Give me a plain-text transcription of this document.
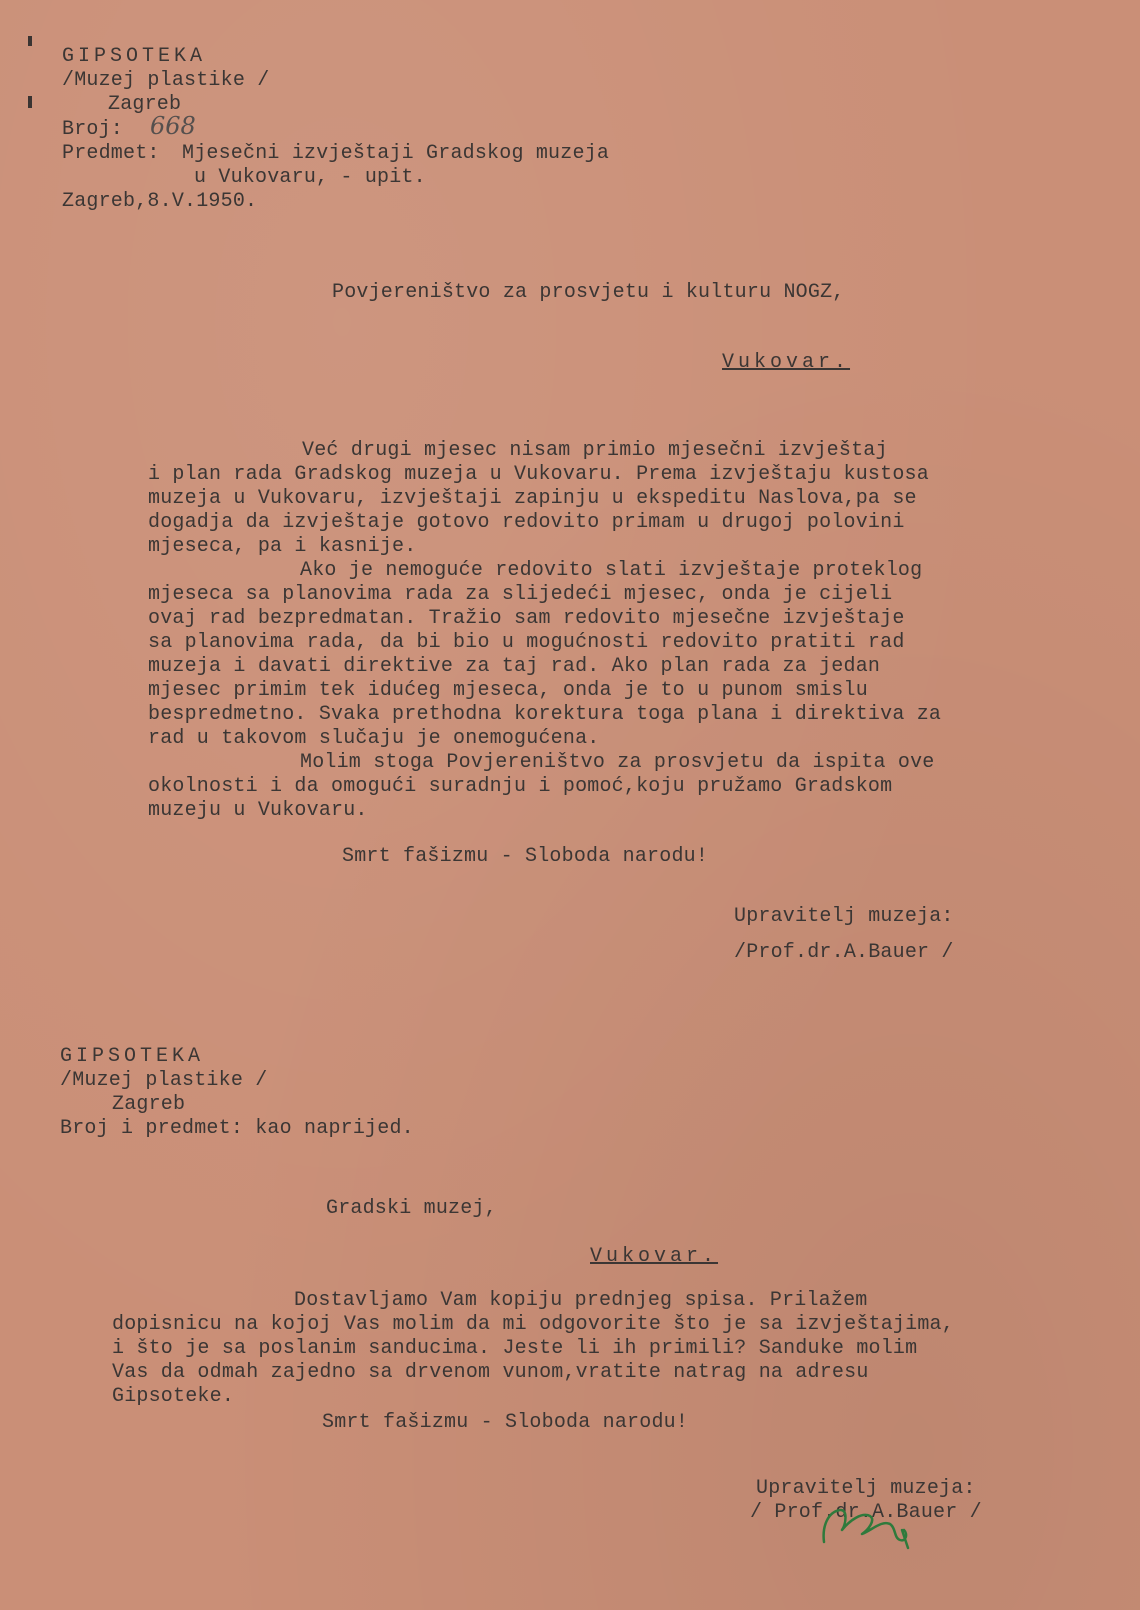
GIPSOTEKA
/Muzej plastike /
Zagreb
Broj: 668
Predmet: Mjesečni izvještaji Gradskog muzeja
u Vukovaru, - upit.
Zagreb,8.V.1950.
Povjereništvo za prosvjetu i kulturu NOGZ,
Vukovar.
Već drugi mjesec nisam primio mjesečni izvještaj
i plan rada Gradskog muzeja u Vukovaru. Prema izvještaju kustosa
muzeja u Vukovaru, izvještaji zapinju u ekspeditu Naslova,pa se
dogadja da izvještaje gotovo redovito primam u drugoj polovini
mjeseca, pa i kasnije.
Ako je nemoguće redovito slati izvještaje proteklog
mjeseca sa planovima rada za slijedeći mjesec, onda je cijeli
ovaj rad bezpredmatan. Tražio sam redovito mjesečne izvještaje
sa planovima rada, da bi bio u mogućnosti redovito pratiti rad
muzeja i davati direktive za taj rad. Ako plan rada za jedan
mjesec primim tek idućeg mjeseca, onda je to u punom smislu
bespredmetno. Svaka prethodna korektura toga plana i direktiva za
rad u takovom slučaju je onemogućena.
Molim stoga Povjereništvo za prosvjetu da ispita ove
okolnosti i da omogući suradnju i pomoć,koju pružamo Gradskom
muzeju u Vukovaru.
Smrt fašizmu - Sloboda narodu!
Upravitelj muzeja:
/Prof.dr.A.Bauer /
GIPSOTEKA
/Muzej plastike /
Zagreb
Broj i predmet: kao naprijed.
Gradski muzej,
Vukovar.
Dostavljamo Vam kopiju prednjeg spisa. Prilažem
dopisnicu na kojoj Vas molim da mi odgovorite što je sa izvještajima,
i što je sa poslanim sanducima. Jeste li ih primili? Sanduke molim
Vas da odmah zajedno sa drvenom vunom,vratite natrag na adresu
Gipsoteke.
Smrt fašizmu - Sloboda narodu!
Upravitelj muzeja:
/ Prof.dr.A.Bauer /
